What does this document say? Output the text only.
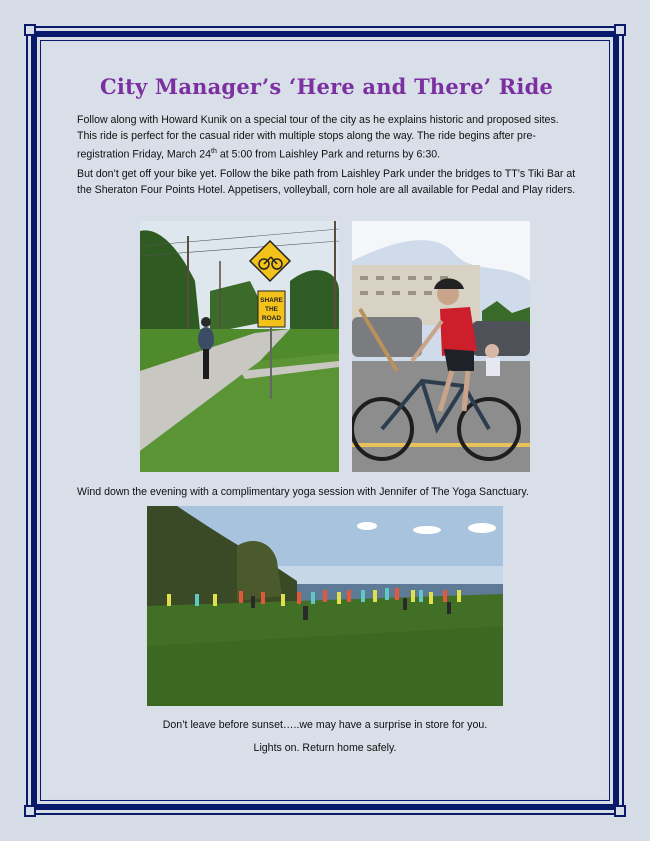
City Manager’s ‘Here and There’ Ride
Follow along with Howard Kunik on a special tour of the city as he explains historic and proposed sites. This ride is perfect for the casual rider with multiple stops along the way. The ride begins after pre-registration Friday, March 24th at 5:00 from Laishley Park and returns by 6:30.
But don’t get off your bike yet. Follow the bike path from Laishley Park under the bridges to TT’s Tiki Bar at the Sheraton Four Points Hotel. Appetisers, volleyball, corn hole are all available for Pedal and Play riders.
SHARE
THE
ROAD
Wind down the evening with a complimentary yoga session with Jennifer of The Yoga Sanctuary.
Don’t leave before sunset…..we may have a surprise in store for you.
Lights on. Return home safely.
